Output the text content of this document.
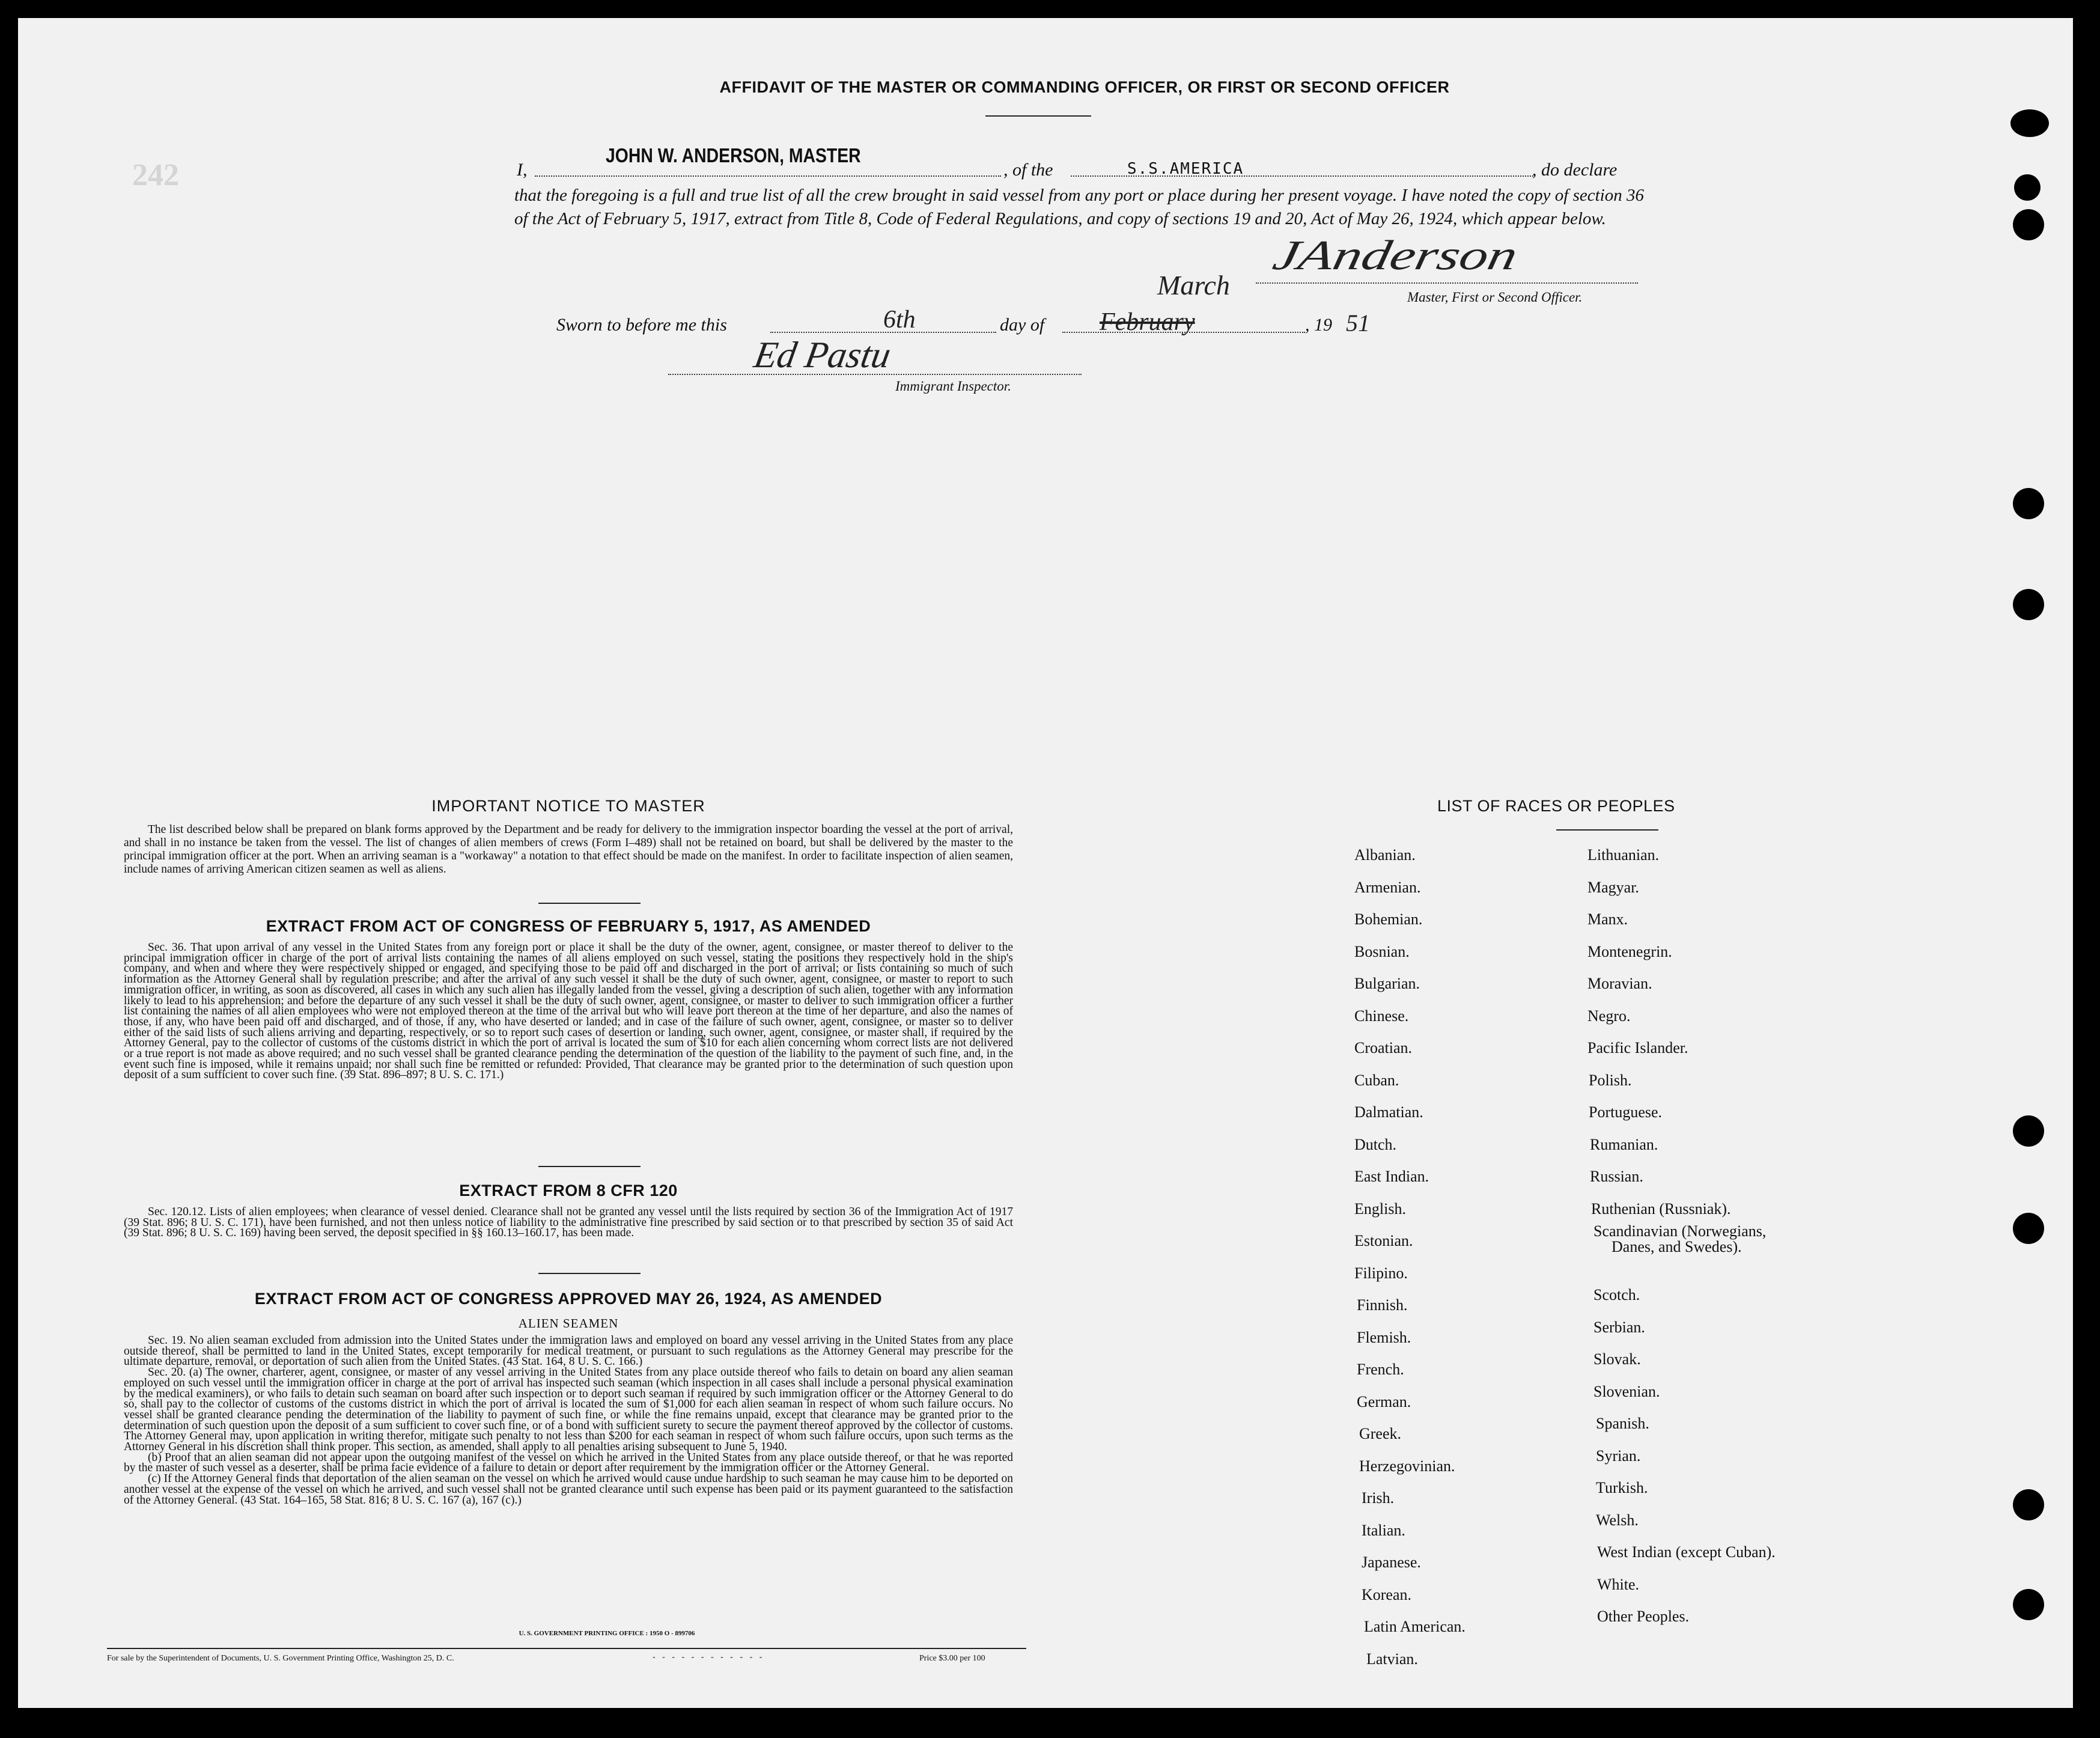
242
AFFIDAVIT OF THE MASTER OR COMMANDING OFFICER, OR FIRST OR SECOND OFFICER
I,
JOHN W. ANDERSON, MASTER
, of the	S.S.AMERICA	, do declare
that the foregoing is a full and true list of all the crew brought in said vessel from any port or place during her present voyage. I have noted the copy of section 36 of the Act of February 5, 1917, extract from Title 8, Code of Federal Regulations, and copy of sections 19 and 20, Act of May 26, 1924, which appear below.
JAnderson
Master, First or Second Officer.
Sworn to before me this	6th	day of
March
February	, 19 51
Ed Pastu
Immigrant Inspector.
IMPORTANT NOTICE TO MASTER

The list described below shall be prepared on blank forms approved by the Department and be ready for delivery to the immigration inspector boarding the vessel at the port of arrival, and shall in no instance be taken from the vessel. The list of changes of alien members of crews (Form I–489) shall not be retained on board, but shall be delivered by the master to the principal immigration officer at the port. When an arriving seaman is a "workaway" a notation to that effect should be made on the manifest. In order to facilitate inspection of alien seamen, include names of arriving American citizen seamen as well as aliens.

EXTRACT FROM ACT OF CONGRESS OF FEBRUARY 5, 1917, AS AMENDED

Sec. 36. That upon arrival of any vessel in the United States from any foreign port or place it shall be the duty of the owner, agent, consignee, or master thereof to deliver to the principal immigration officer in charge of the port of arrival lists containing the names of all aliens employed on such vessel, stating the positions they respectively hold in the ship's company, and when and where they were respectively shipped or engaged, and specifying those to be paid off and discharged in the port of arrival; or lists containing so much of such information as the Attorney General shall by regulation prescribe; and after the arrival of any such vessel it shall be the duty of such owner, agent, consignee, or master to report to such immigration officer, in writing, as soon as discovered, all cases in which any such alien has illegally landed from the vessel, giving a description of such alien, together with any information likely to lead to his apprehension; and before the departure of any such vessel it shall be the duty of such owner, agent, consignee, or master to deliver to such immigration officer a further list containing the names of all alien employees who were not employed thereon at the time of the arrival but who will leave port thereon at the time of her departure, and also the names of those, if any, who have been paid off and discharged, and of those, if any, who have deserted or landed; and in case of the failure of such owner, agent, consignee, or master so to deliver either of the said lists of such aliens arriving and departing, respectively, or so to report such cases of desertion or landing, such owner, agent, consignee, or master shall, if required by the Attorney General, pay to the collector of customs of the customs district in which the port of arrival is located the sum of $10 for each alien concerning whom correct lists are not delivered or a true report is not made as above required; and no such vessel shall be granted clearance pending the determination of the question of the liability to the payment of such fine, and, in the event such fine is imposed, while it remains unpaid; nor shall such fine be remitted or refunded: Provided, That clearance may be granted prior to the determination of such question upon deposit of a sum sufficient to cover such fine. (39 Stat. 896–897; 8 U. S. C. 171.)

EXTRACT FROM 8 CFR 120

Sec. 120.12. Lists of alien employees; when clearance of vessel denied. Clearance shall not be granted any vessel until the lists required by section 36 of the Immigration Act of 1917 (39 Stat. 896; 8 U. S. C. 171), have been furnished, and not then unless notice of liability to the administrative fine prescribed by said section or to that prescribed by section 35 of said Act (39 Stat. 896; 8 U. S. C. 169) having been served, the deposit specified in §§ 160.13–160.17, has been made.

EXTRACT FROM ACT OF CONGRESS APPROVED MAY 26, 1924, AS AMENDED
ALIEN SEAMEN

Sec. 19. No alien seaman excluded from admission into the United States under the immigration laws and employed on board any vessel arriving in the United States from any place outside thereof, shall be permitted to land in the United States, except temporarily for medical treatment, or pursuant to such regulations as the Attorney General may prescribe for the ultimate departure, removal, or deportation of such alien from the United States. (43 Stat. 164, 8 U. S. C. 166.)

Sec. 20. (a) The owner, charterer, agent, consignee, or master of any vessel arriving in the United States from any place outside thereof who fails to detain on board any alien seaman employed on such vessel until the immigration officer in charge at the port of arrival has inspected such seaman (which inspection in all cases shall include a personal physical examination by the medical examiners), or who fails to detain such seaman on board after such inspection or to deport such seaman if required by such immigration officer or the Attorney General to do so, shall pay to the collector of customs of the customs district in which the port of arrival is located the sum of $1,000 for each alien seaman in respect of whom such failure occurs. No vessel shall be granted clearance pending the determination of the liability to payment of such fine, or while the fine remains unpaid, except that clearance may be granted prior to the determination of such question upon the deposit of a sum sufficient to cover such fine, or of a bond with sufficient surety to secure the payment thereof approved by the collector of customs. The Attorney General may, upon application in writing therefor, mitigate such penalty to not less than $200 for each seaman in respect of whom such failure occurs, upon such terms as the Attorney General in his discretion shall think proper. This section, as amended, shall apply to all penalties arising subsequent to June 5, 1940.

(b) Proof that an alien seaman did not appear upon the outgoing manifest of the vessel on which he arrived in the United States from any place outside thereof, or that he was reported by the master of such vessel as a deserter, shall be prima facie evidence of a failure to detain or deport after requirement by the immigration officer or the Attorney General.

(c) If the Attorney General finds that deportation of the alien seaman on the vessel on which he arrived would cause undue hardship to such seaman he may cause him to be deported on another vessel at the expense of the vessel on which he arrived, and such vessel shall not be granted clearance until such expense has been paid or its payment guaranteed to the satisfaction of the Attorney General. (43 Stat. 164–165, 58 Stat. 816; 8 U. S. C. 167 (a), 167 (c).)

U. S. GOVERNMENT PRINTING OFFICE : 1950 O - 899706
For sale by the Superintendent of Documents, U. S. Government Printing Office, Washington 25, D. C.	- - - - - - - - - - - -	Price $3.00 per 100
LIST OF RACES OR PEOPLES
Albanian.
Armenian.
Bohemian.
Bosnian.
Bulgarian.
Chinese.
Croatian.
Cuban.
Dalmatian.
Dutch.
East Indian.
English.
Estonian.
Filipino.
Finnish.
Flemish.
French.
German.
Greek.
Herzegovinian.
Irish.
Italian.
Japanese.
Korean.
Latin American.
Latvian.
Lithuanian.
Magyar.
Manx.
Montenegrin.
Moravian.
Negro.
Pacific Islander.
Polish.
Portuguese.
Rumanian.
Russian.
Ruthenian (Russniak).
Scandinavian (Norwegians,
Danes, and Swedes).
Scotch.
Serbian.
Slovak.
Slovenian.
Spanish.
Syrian.
Turkish.
Welsh.
West Indian (except Cuban).
White.
Other Peoples.
